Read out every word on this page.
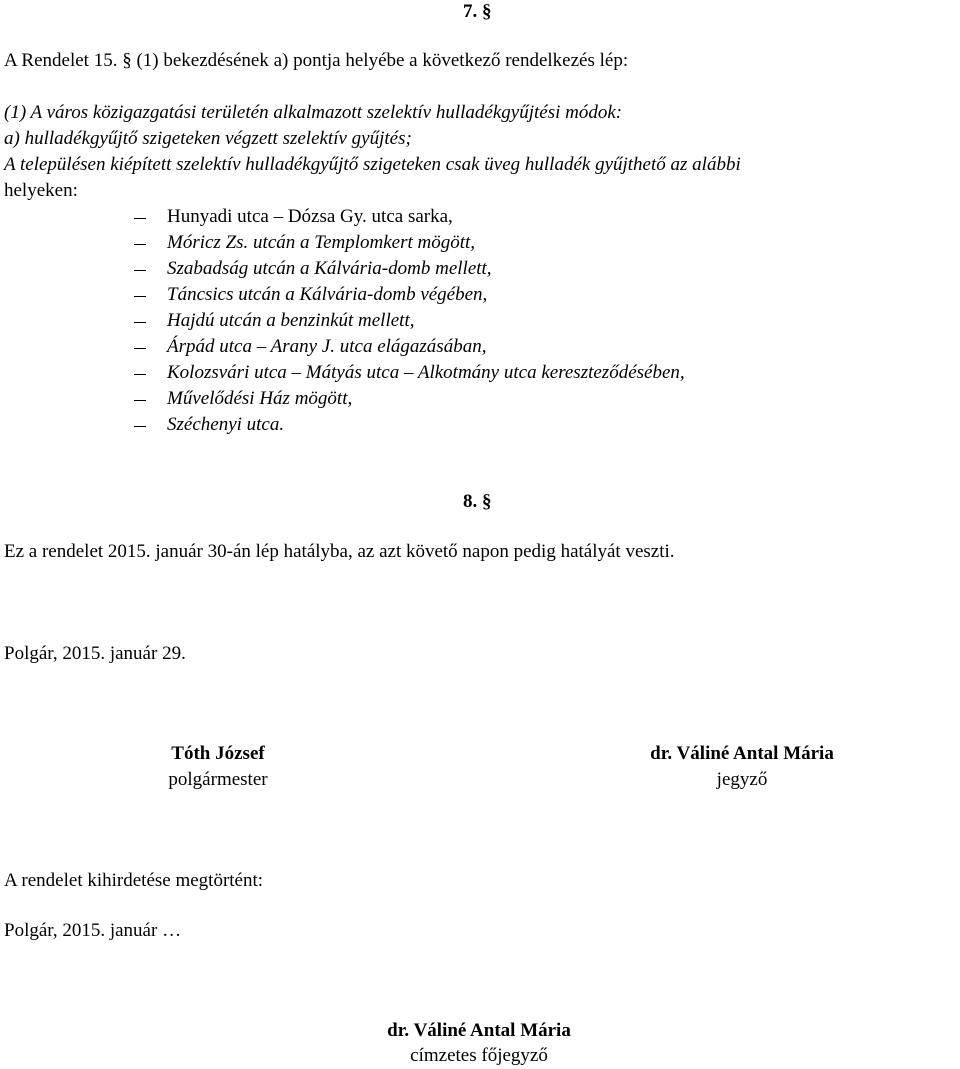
7. §
A Rendelet 15. § (1) bekezdésének a) pontja helyébe a következő rendelkezés lép:
(1) A város közigazgatási területén alkalmazott szelektív hulladékgyűjtési módok:
a) hulladékgyűjtő szigeteken végzett szelektív gyűjtés;
A településen kiépített szelektív hulladékgyűjtő szigeteken csak üveg hulladék gyűjthető az alábbi
helyeken:
Hunyadi utca – Dózsa Gy. utca sarka,
Móricz Zs. utcán a Templomkert mögött,
Szabadság utcán a Kálvária-domb mellett,
Táncsics utcán a Kálvária-domb végében,
Hajdú utcán a benzinkút mellett,
Árpád utca – Arany J. utca elágazásában,
Kolozsvári utca – Mátyás utca – Alkotmány utca kereszteződésében,
Művelődési Ház mögött,
Széchenyi utca.
8. §
Ez a rendelet 2015. január 30-án lép hatályba, az azt követő napon pedig hatályát veszti.
Polgár, 2015. január 29.
Tóth József
polgármester
dr. Váliné Antal Mária
jegyző
A rendelet kihirdetése megtörtént:
Polgár, 2015. január …
dr. Váliné Antal Mária
címzetes főjegyző
